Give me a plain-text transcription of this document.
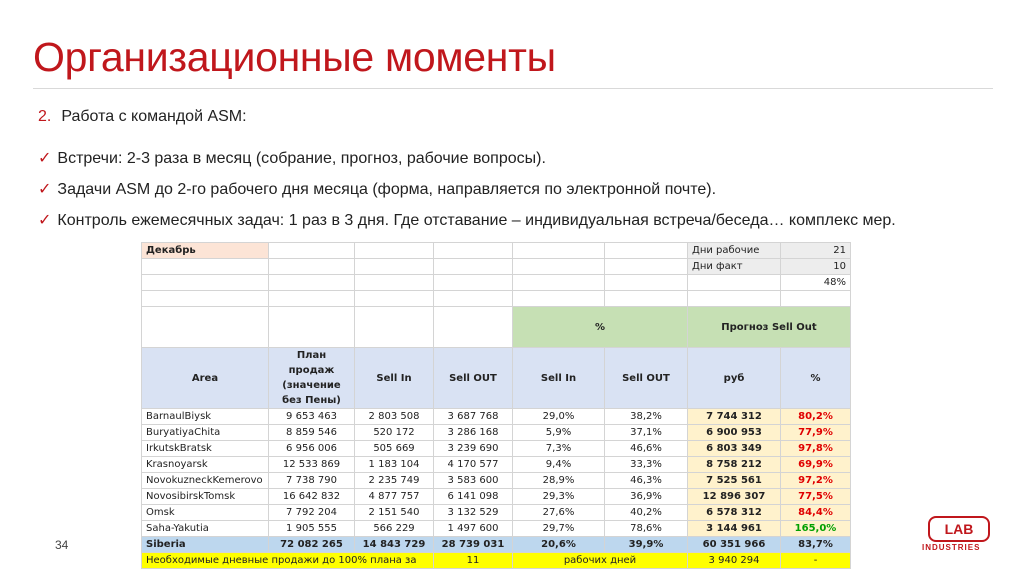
Организационные моменты
2. Работа с командой ASM:
✓ Встречи: 2-3 раза в месяц (собрание, прогноз, рабочие вопросы).
✓ Задачи ASM до 2-го рабочего дня месяца (форма, направляется по электронной почте).
✓ Контроль ежемесячных задач: 1 раз в 3 дня. Где отставание – индивидуальная встреча/беседа… комплекс мер.
Декабрь						Дни рабочие	21
						Дни факт	10
							48%

				%		Прогноз Sell Out	
Area	План продаж (значение без Пены)	Sell In	Sell OUT	Sell In	Sell OUT	руб	%
BarnaulBiysk	9 653 463	2 803 508	3 687 768	29,0%	38,2%	7 744 312	80,2%
BuryatiyaChita	8 859 546	520 172	3 286 168	5,9%	37,1%	6 900 953	77,9%
IrkutskBratsk	6 956 006	505 669	3 239 690	7,3%	46,6%	6 803 349	97,8%
Krasnoyarsk	12 533 869	1 183 104	4 170 577	9,4%	33,3%	8 758 212	69,9%
NovokuzneckKemerovo	7 738 790	2 235 749	3 583 600	28,9%	46,3%	7 525 561	97,2%
NovosibirskTomsk	16 642 832	4 877 757	6 141 098	29,3%	36,9%	12 896 307	77,5%
Omsk	7 792 204	2 151 540	3 132 529	27,6%	40,2%	6 578 312	84,4%
Saha-Yakutia	1 905 555	566 229	1 497 600	29,7%	78,6%	3 144 961	165,0%
Siberia	72 082 265	14 843 729	28 739 031	20,6%	39,9%	60 351 966	83,7%
Необходимые дневные продажи до 100% плана за			11	рабочих дней		3 940 294	-
34
LAB
INDUSTRIES
